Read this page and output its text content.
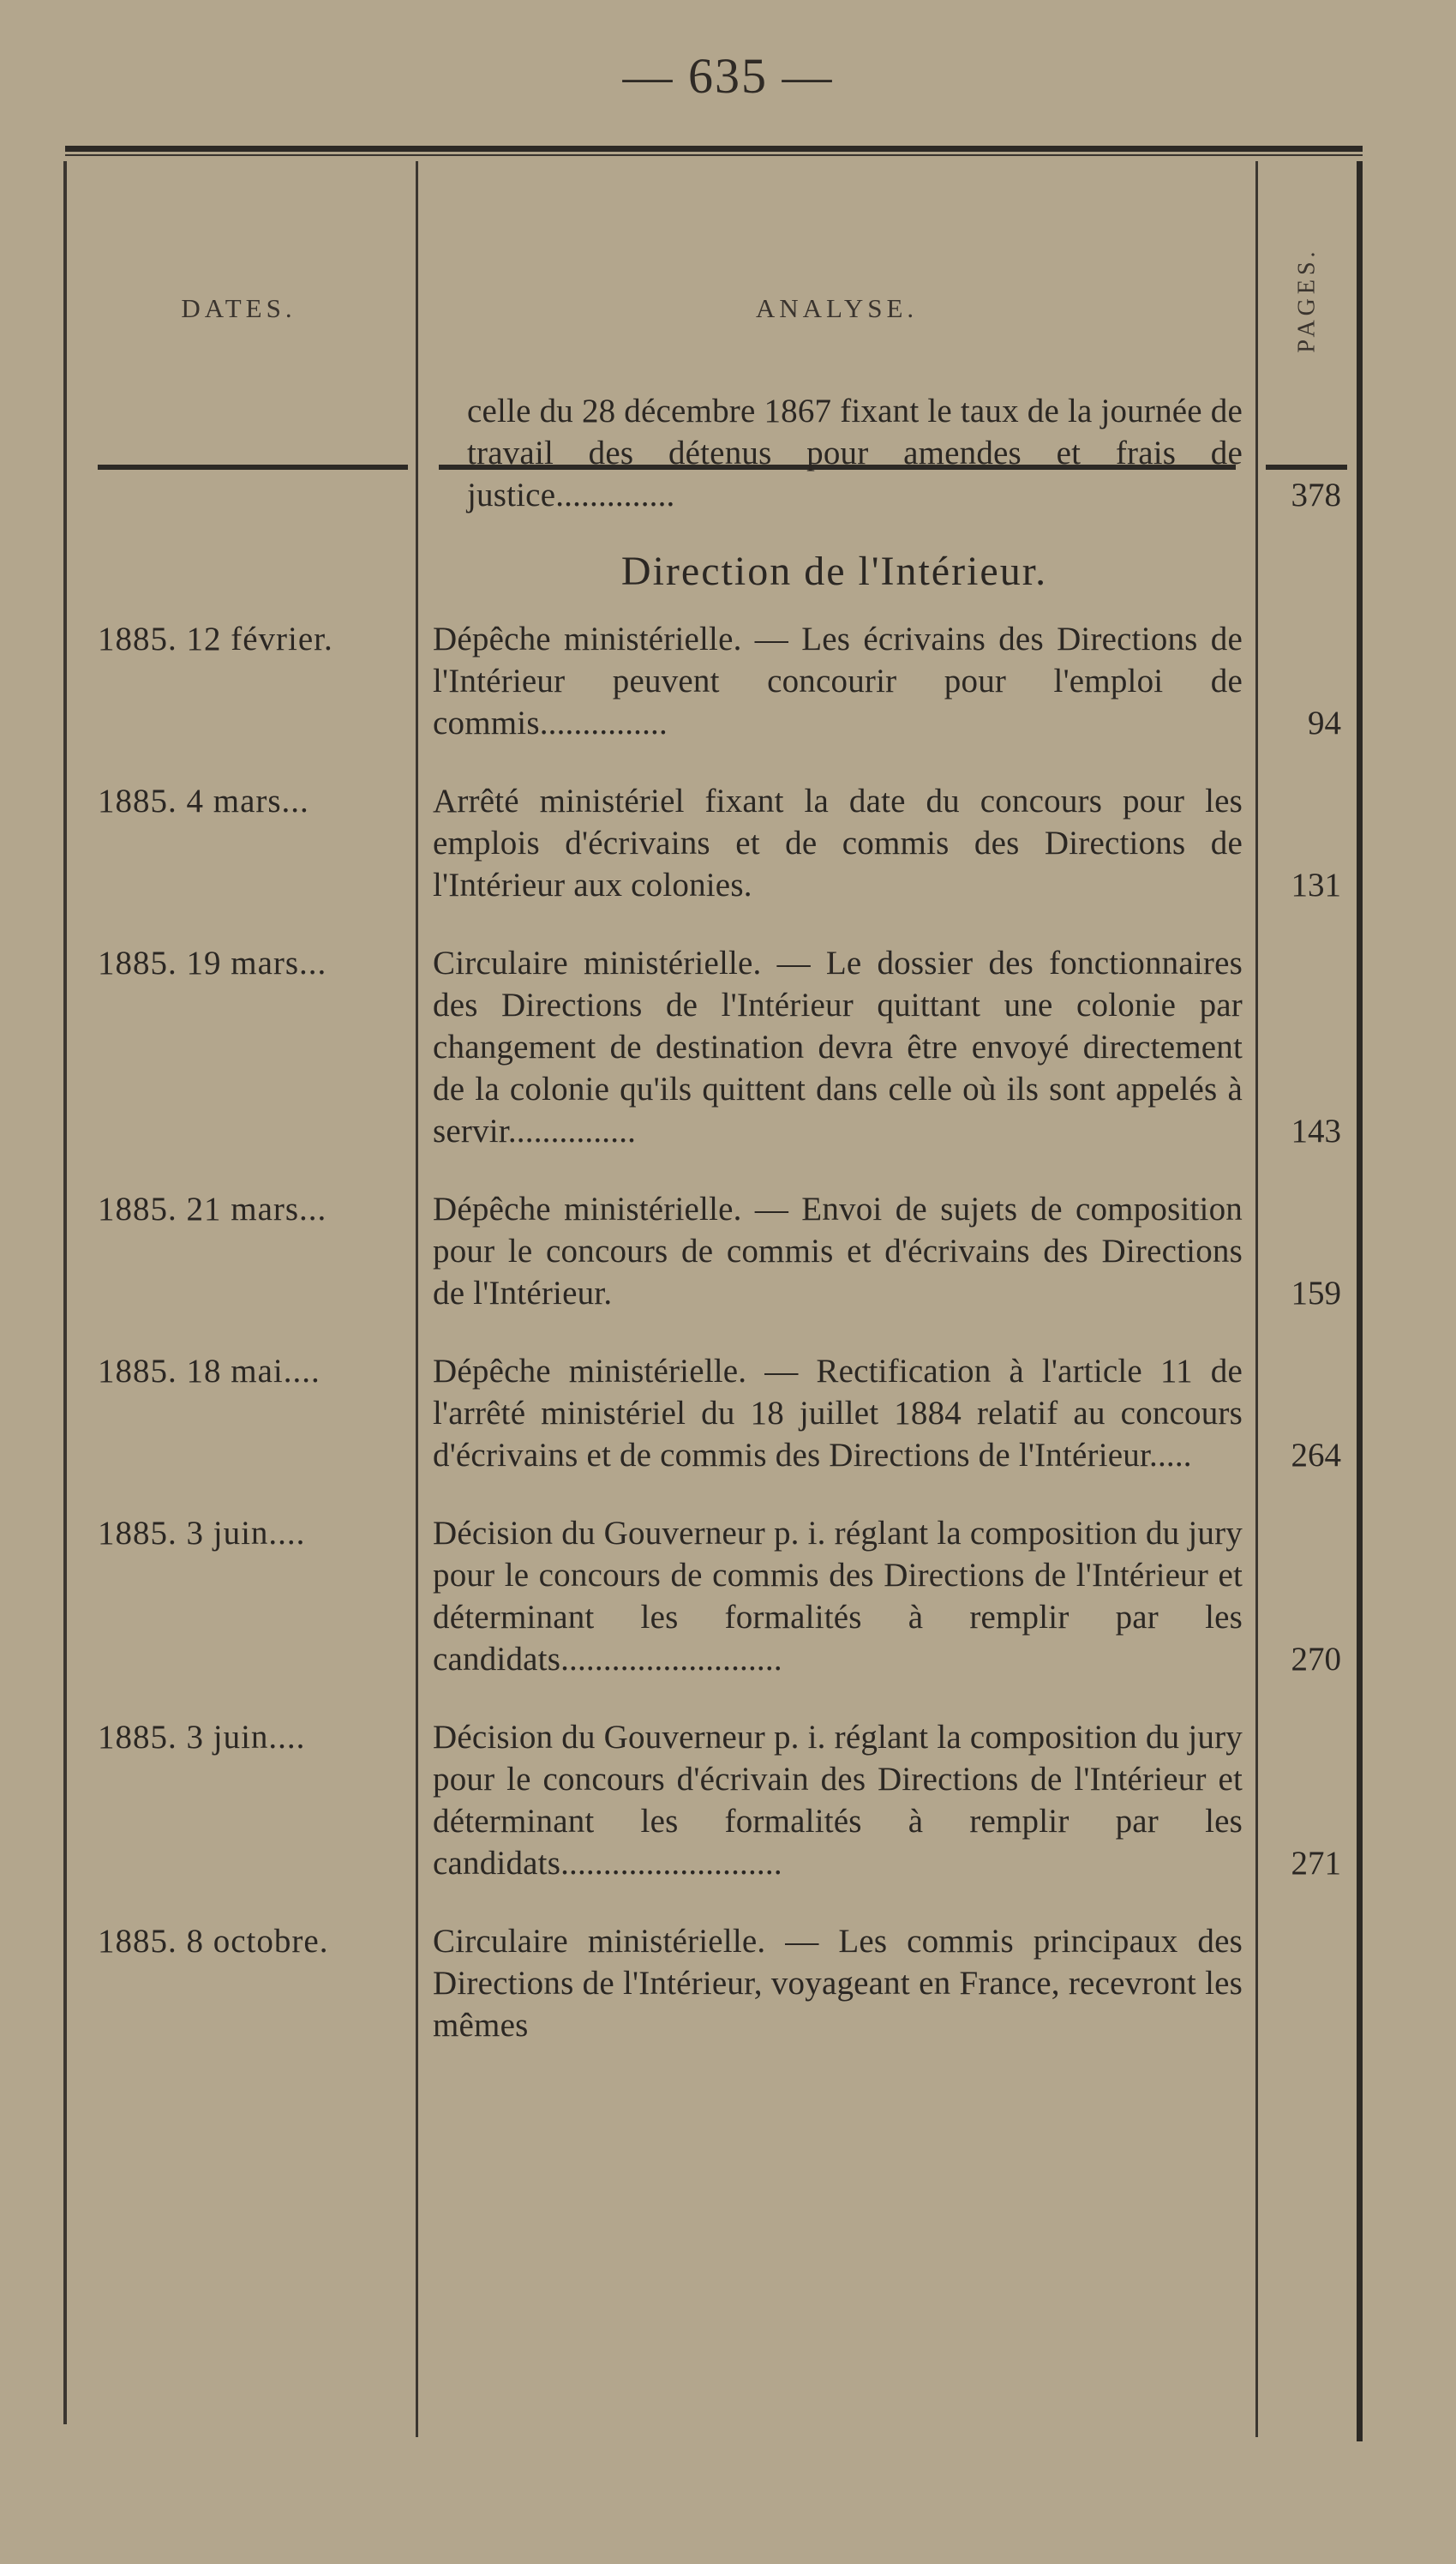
— 635 —
DATES.	ANALYSE.	PAGES.
celle du 28 décembre 1867 fixant le taux de la journée de travail des détenus pour amendes et frais de justice..............	378
Direction de l'Intérieur.
1885. 12 février.	Dépêche ministérielle. — Les écrivains des Directions de l'Intérieur peuvent concourir pour l'emploi de commis...............	94
1885. 4 mars...	Arrêté ministériel fixant la date du concours pour les emplois d'écrivains et de commis des Directions de l'Intérieur aux colonies.	131
1885. 19 mars...	Circulaire ministérielle. — Le dossier des fonctionnaires des Directions de l'Intérieur quittant une colonie par changement de destination devra être envoyé directement de la colonie qu'ils quittent dans celle où ils sont appelés à servir...............	143
1885. 21 mars...	Dépêche ministérielle. — Envoi de sujets de composition pour le concours de commis et d'écrivains des Directions de l'Intérieur.	159
1885. 18 mai....	Dépêche ministérielle. — Rectification à l'article 11 de l'arrêté ministériel du 18 juillet 1884 relatif au concours d'écrivains et de commis des Directions de l'Intérieur.....	264
1885. 3 juin....	Décision du Gouverneur p. i. réglant la composition du jury pour le concours de commis des Directions de l'Intérieur et déterminant les formalités à remplir par les candidats..........................	270
1885. 3 juin....	Décision du Gouverneur p. i. réglant la composition du jury pour le concours d'écrivain des Directions de l'Intérieur et déterminant les formalités à remplir par les candidats..........................	271
1885. 8 octobre.	Circulaire ministérielle. — Les commis principaux des Directions de l'Intérieur, voyageant en France, recevront les mêmes
